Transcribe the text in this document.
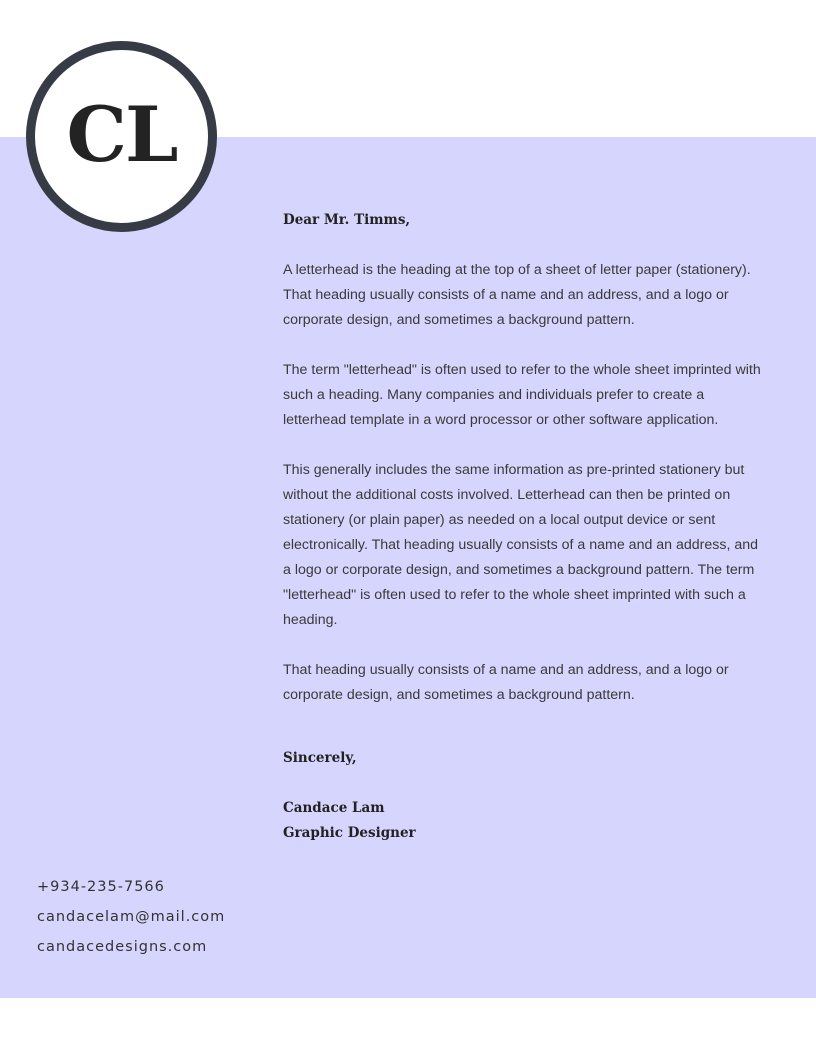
CL
Dear Mr. Timms,

A letterhead is the heading at the top of a sheet of letter paper (stationery). That heading usually consists of a name and an address, and a logo or corporate design, and sometimes a background pattern.

The term "letterhead" is often used to refer to the whole sheet imprinted with such a heading. Many companies and individuals prefer to create a letterhead template in a word processor or other software application.

This generally includes the same information as pre-printed stationery but without the additional costs involved. Letterhead can then be printed on stationery (or plain paper) as needed on a local output device or sent electronically. That heading usually consists of a name and an address, and a logo or corporate design, and sometimes a background pattern. The term "letterhead" is often used to refer to the whole sheet imprinted with such a heading.

That heading usually consists of a name and an address, and a logo or corporate design, and sometimes a background pattern.

Sincerely,
Candace Lam
Graphic Designer
+934-235-7566
candacelam@mail.com
candacedesigns.com
